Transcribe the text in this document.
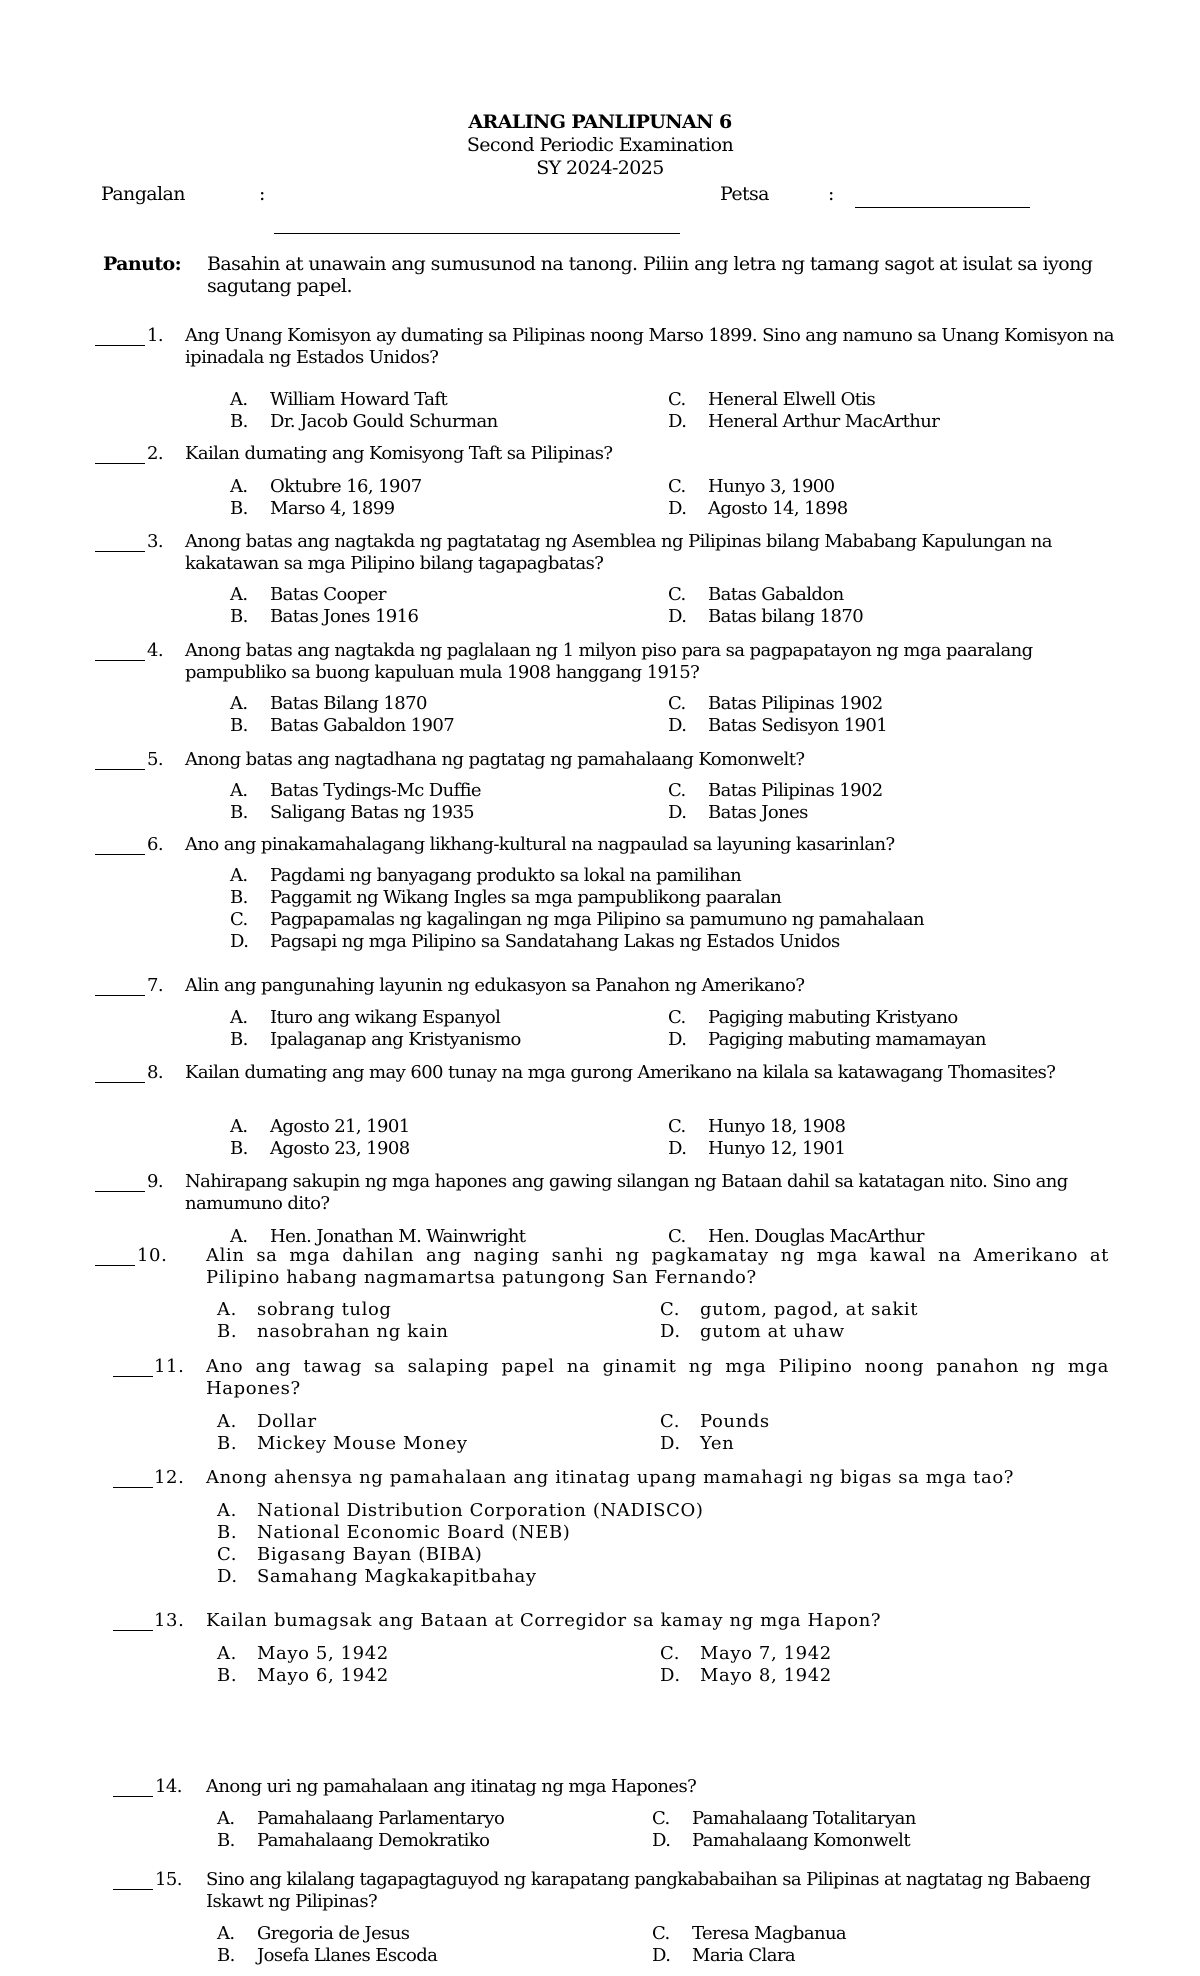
ARALING PANLIPUNAN 6
Second Periodic Examination
SY 2024-2025
Pangalan	:	Petsa	:
Panuto: Basahin at unawain ang sumusunod na tanong. Piliin ang letra ng tamang sagot at isulat sa iyong sagutang papel.
1. Ang Unang Komisyon ay dumating sa Pilipinas noong Marso 1899. Sino ang namuno sa Unang Komisyon na ipinadala ng Estados Unidos?
A. William Howard Taft	C. Heneral Elwell Otis
B. Dr. Jacob Gould Schurman	D. Heneral Arthur MacArthur
2. Kailan dumating ang Komisyong Taft sa Pilipinas?
A. Oktubre 16, 1907	C. Hunyo 3, 1900
B. Marso 4, 1899	D. Agosto 14, 1898
3. Anong batas ang nagtakda ng pagtatatag ng Asemblea ng Pilipinas bilang Mababang Kapulungan na kakatawan sa mga Pilipino bilang tagapagbatas?
A. Batas Cooper	C. Batas Gabaldon
B. Batas Jones 1916	D. Batas bilang 1870
4. Anong batas ang nagtakda ng paglalaan ng 1 milyon piso para sa pagpapatayon ng mga paaralang pampubliko sa buong kapuluan mula 1908 hanggang 1915?
A. Batas Bilang 1870	C. Batas Pilipinas 1902
B. Batas Gabaldon 1907	D. Batas Sedisyon 1901
5. Anong batas ang nagtadhana ng pagtatag ng pamahalaang Komonwelt?
A. Batas Tydings-Mc Duffie	C. Batas Pilipinas 1902
B. Saligang Batas ng 1935	D. Batas Jones
6. Ano ang pinakamahalagang likhang-kultural na nagpaulad sa layuning kasarinlan?
A. Pagdami ng banyagang produkto sa lokal na pamilihan
B. Paggamit ng Wikang Ingles sa mga pampublikong paaralan
C. Pagpapamalas ng kagalingan ng mga Pilipino sa pamumuno ng pamahalaan
D. Pagsapi ng mga Pilipino sa Sandatahang Lakas ng Estados Unidos
7. Alin ang pangunahing layunin ng edukasyon sa Panahon ng Amerikano?
A. Ituro ang wikang Espanyol	C. Pagiging mabuting Kristyano
B. Ipalaganap ang Kristyanismo	D. Pagiging mabuting mamamayan
8. Kailan dumating ang may 600 tunay na mga gurong Amerikano na kilala sa katawagang Thomasites?
A. Agosto 21, 1901	C. Hunyo 18, 1908
B. Agosto 23, 1908	D. Hunyo 12, 1901
9. Nahirapang sakupin ng mga hapones ang gawing silangan ng Bataan dahil sa katatagan nito. Sino ang namumuno dito?
A. Hen. Jonathan M. Wainwright	C. Hen. Douglas MacArthur
10. Alin sa mga dahilan ang naging sanhi ng pagkamatay ng mga kawal na Amerikano at Pilipino habang nagmamartsa patungong San Fernando?
A. sobrang tulog	C. gutom, pagod, at sakit
B. nasobrahan ng kain	D. gutom at uhaw
11. Ano ang tawag sa salaping papel na ginamit ng mga Pilipino noong panahon ng mga Hapones?
A. Dollar	C. Pounds
B. Mickey Mouse Money	D. Yen
12. Anong ahensya ng pamahalaan ang itinatag upang mamahagi ng bigas sa mga tao?
A. National Distribution Corporation (NADISCO)
B. National Economic Board (NEB)
C. Bigasang Bayan (BIBA)
D. Samahang Magkakapitbahay
13. Kailan bumagsak ang Bataan at Corregidor sa kamay ng mga Hapon?
A. Mayo 5, 1942	C. Mayo 7, 1942
B. Mayo 6, 1942	D. Mayo 8, 1942
14. Anong uri ng pamahalaan ang itinatag ng mga Hapones?
A. Pamahalaang Parlamentaryo	C. Pamahalaang Totalitaryan
B. Pamahalaang Demokratiko	D. Pamahalaang Komonwelt
15. Sino ang kilalang tagapagtaguyod ng karapatang pangkababaihan sa Pilipinas at nagtatag ng Babaeng Iskawt ng Pilipinas?
A. Gregoria de Jesus	C. Teresa Magbanua
B. Josefa Llanes Escoda	D. Maria Clara
